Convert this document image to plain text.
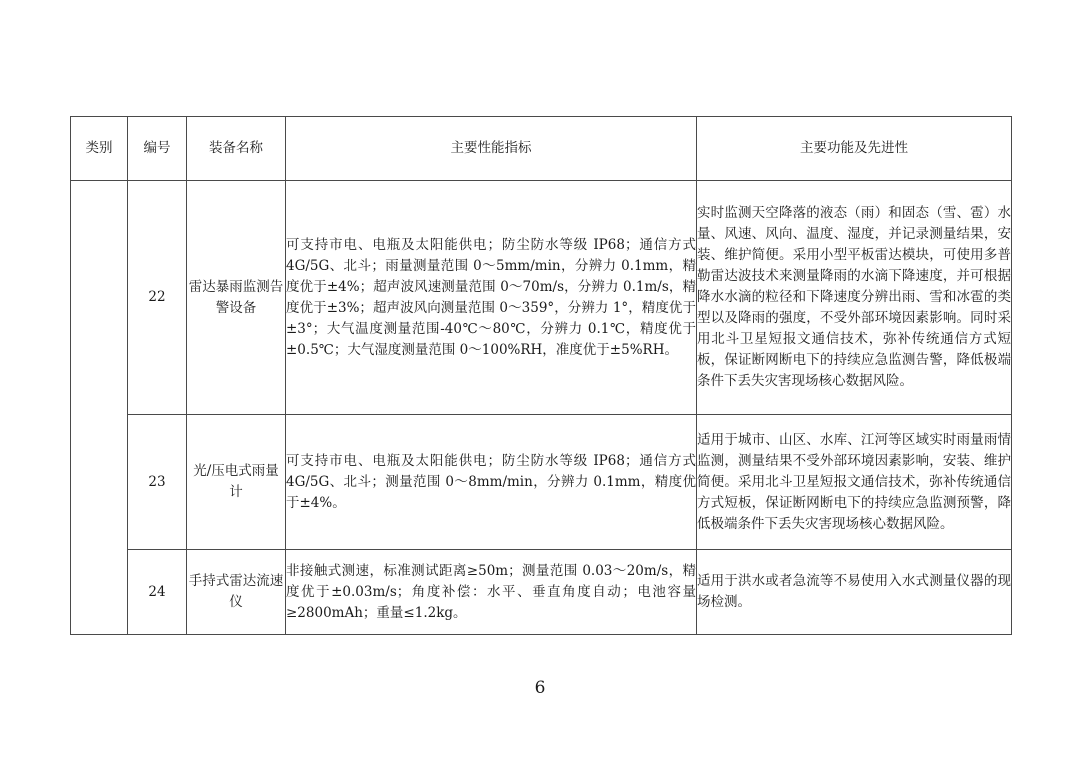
类别	编号	装备名称	主要性能指标	主要功能及先进性
	22	雷达暴雨监测告警设备	可支持市电、电瓶及太阳能供电；防尘防水等级 IP68；通信方式 4G/5G、北斗；雨量测量范围 0～5mm/min，分辨力 0.1mm，精度优于±4%；超声波风速测量范围 0～70m/s，分辨力 0.1m/s，精度优于±3%；超声波风向测量范围 0～359°，分辨力 1°，精度优于±3°；大气温度测量范围-40℃～80℃，分辨力 0.1℃，精度优于±0.5℃；大气湿度测量范围 0～100%RH，准度优于±5%RH。	实时监测天空降落的液态（雨）和固态（雪、雹）水量、风速、风向、温度、湿度，并记录测量结果，安装、维护简便。采用小型平板雷达模块，可使用多普勒雷达波技术来测量降雨的水滴下降速度，并可根据降水水滴的粒径和下降速度分辨出雨、雪和冰雹的类型以及降雨的强度，不受外部环境因素影响。同时采用北斗卫星短报文通信技术，弥补传统通信方式短板，保证断网断电下的持续应急监测告警，降低极端条件下丢失灾害现场核心数据风险。
	23	光/压电式雨量计	可支持市电、电瓶及太阳能供电；防尘防水等级 IP68；通信方式 4G/5G、北斗；测量范围 0～8mm/min，分辨力 0.1mm，精度优于±4%。	适用于城市、山区、水库、江河等区域实时雨量雨情监测，测量结果不受外部环境因素影响，安装、维护简便。采用北斗卫星短报文通信技术，弥补传统通信方式短板，保证断网断电下的持续应急监测预警，降低极端条件下丢失灾害现场核心数据风险。
	24	手持式雷达流速仪	非接触式测速，标准测试距离≥50m；测量范围 0.03～20m/s，精度优于±0.03m/s；角度补偿：水平、垂直角度自动；电池容量≥2800mAh；重量≤1.2kg。	适用于洪水或者急流等不易使用入水式测量仪器的现场检测。
6
